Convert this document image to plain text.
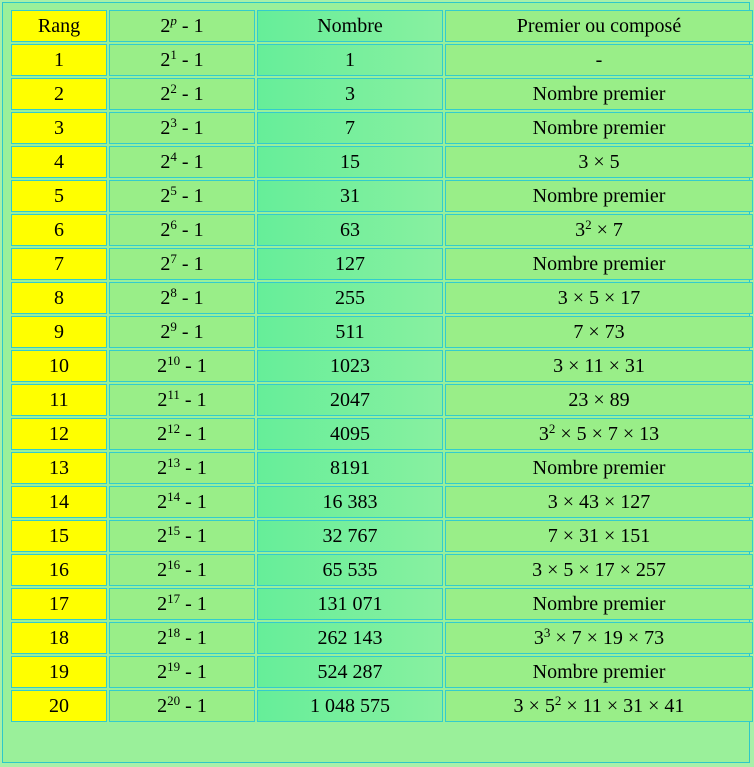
Rang	2$^p$ - 1	Nombre	Premier ou composé
1	$2^1 - 1$	1	-
2	$2^2 - 1$	3	Nombre premier
3	$2^3 - 1$	7	Nombre premier
4	$2^4 - 1$	15	3 × 5
5	$2^5 - 1$	31	Nombre premier
6	$2^6 - 1$	63	$3^2 \times 7$
7	$2^7 - 1$	127	Nombre premier
8	$2^8 - 1$	255	3 × 5 × 17
9	$2^9 - 1$	511	7 × 73
10	$2^{10} - 1$	1023	3 × 11 × 31
11	$2^{11} - 1$	2047	23 × 89
12	$2^{12} - 1$	4095	$3^2 \times 5 \times 7 \times 13$
13	$2^{13} - 1$	8191	Nombre premier
14	$2^{14} - 1$	16 383	3 × 43 × 127
15	$2^{15} - 1$	32 767	7 × 31 × 151
16	$2^{16} - 1$	65 535	3 × 5 × 17 × 257
17	$2^{17} - 1$	131 071	Nombre premier
18	$2^{18} - 1$	262 143	$3^3 \times 7 \times 19 \times 73$
19	$2^{19} - 1$	524 287	Nombre premier
20	$2^{20} - 1$	1 048 575	$3 \times 5^2 \times 11 \times 31 \times 41$
